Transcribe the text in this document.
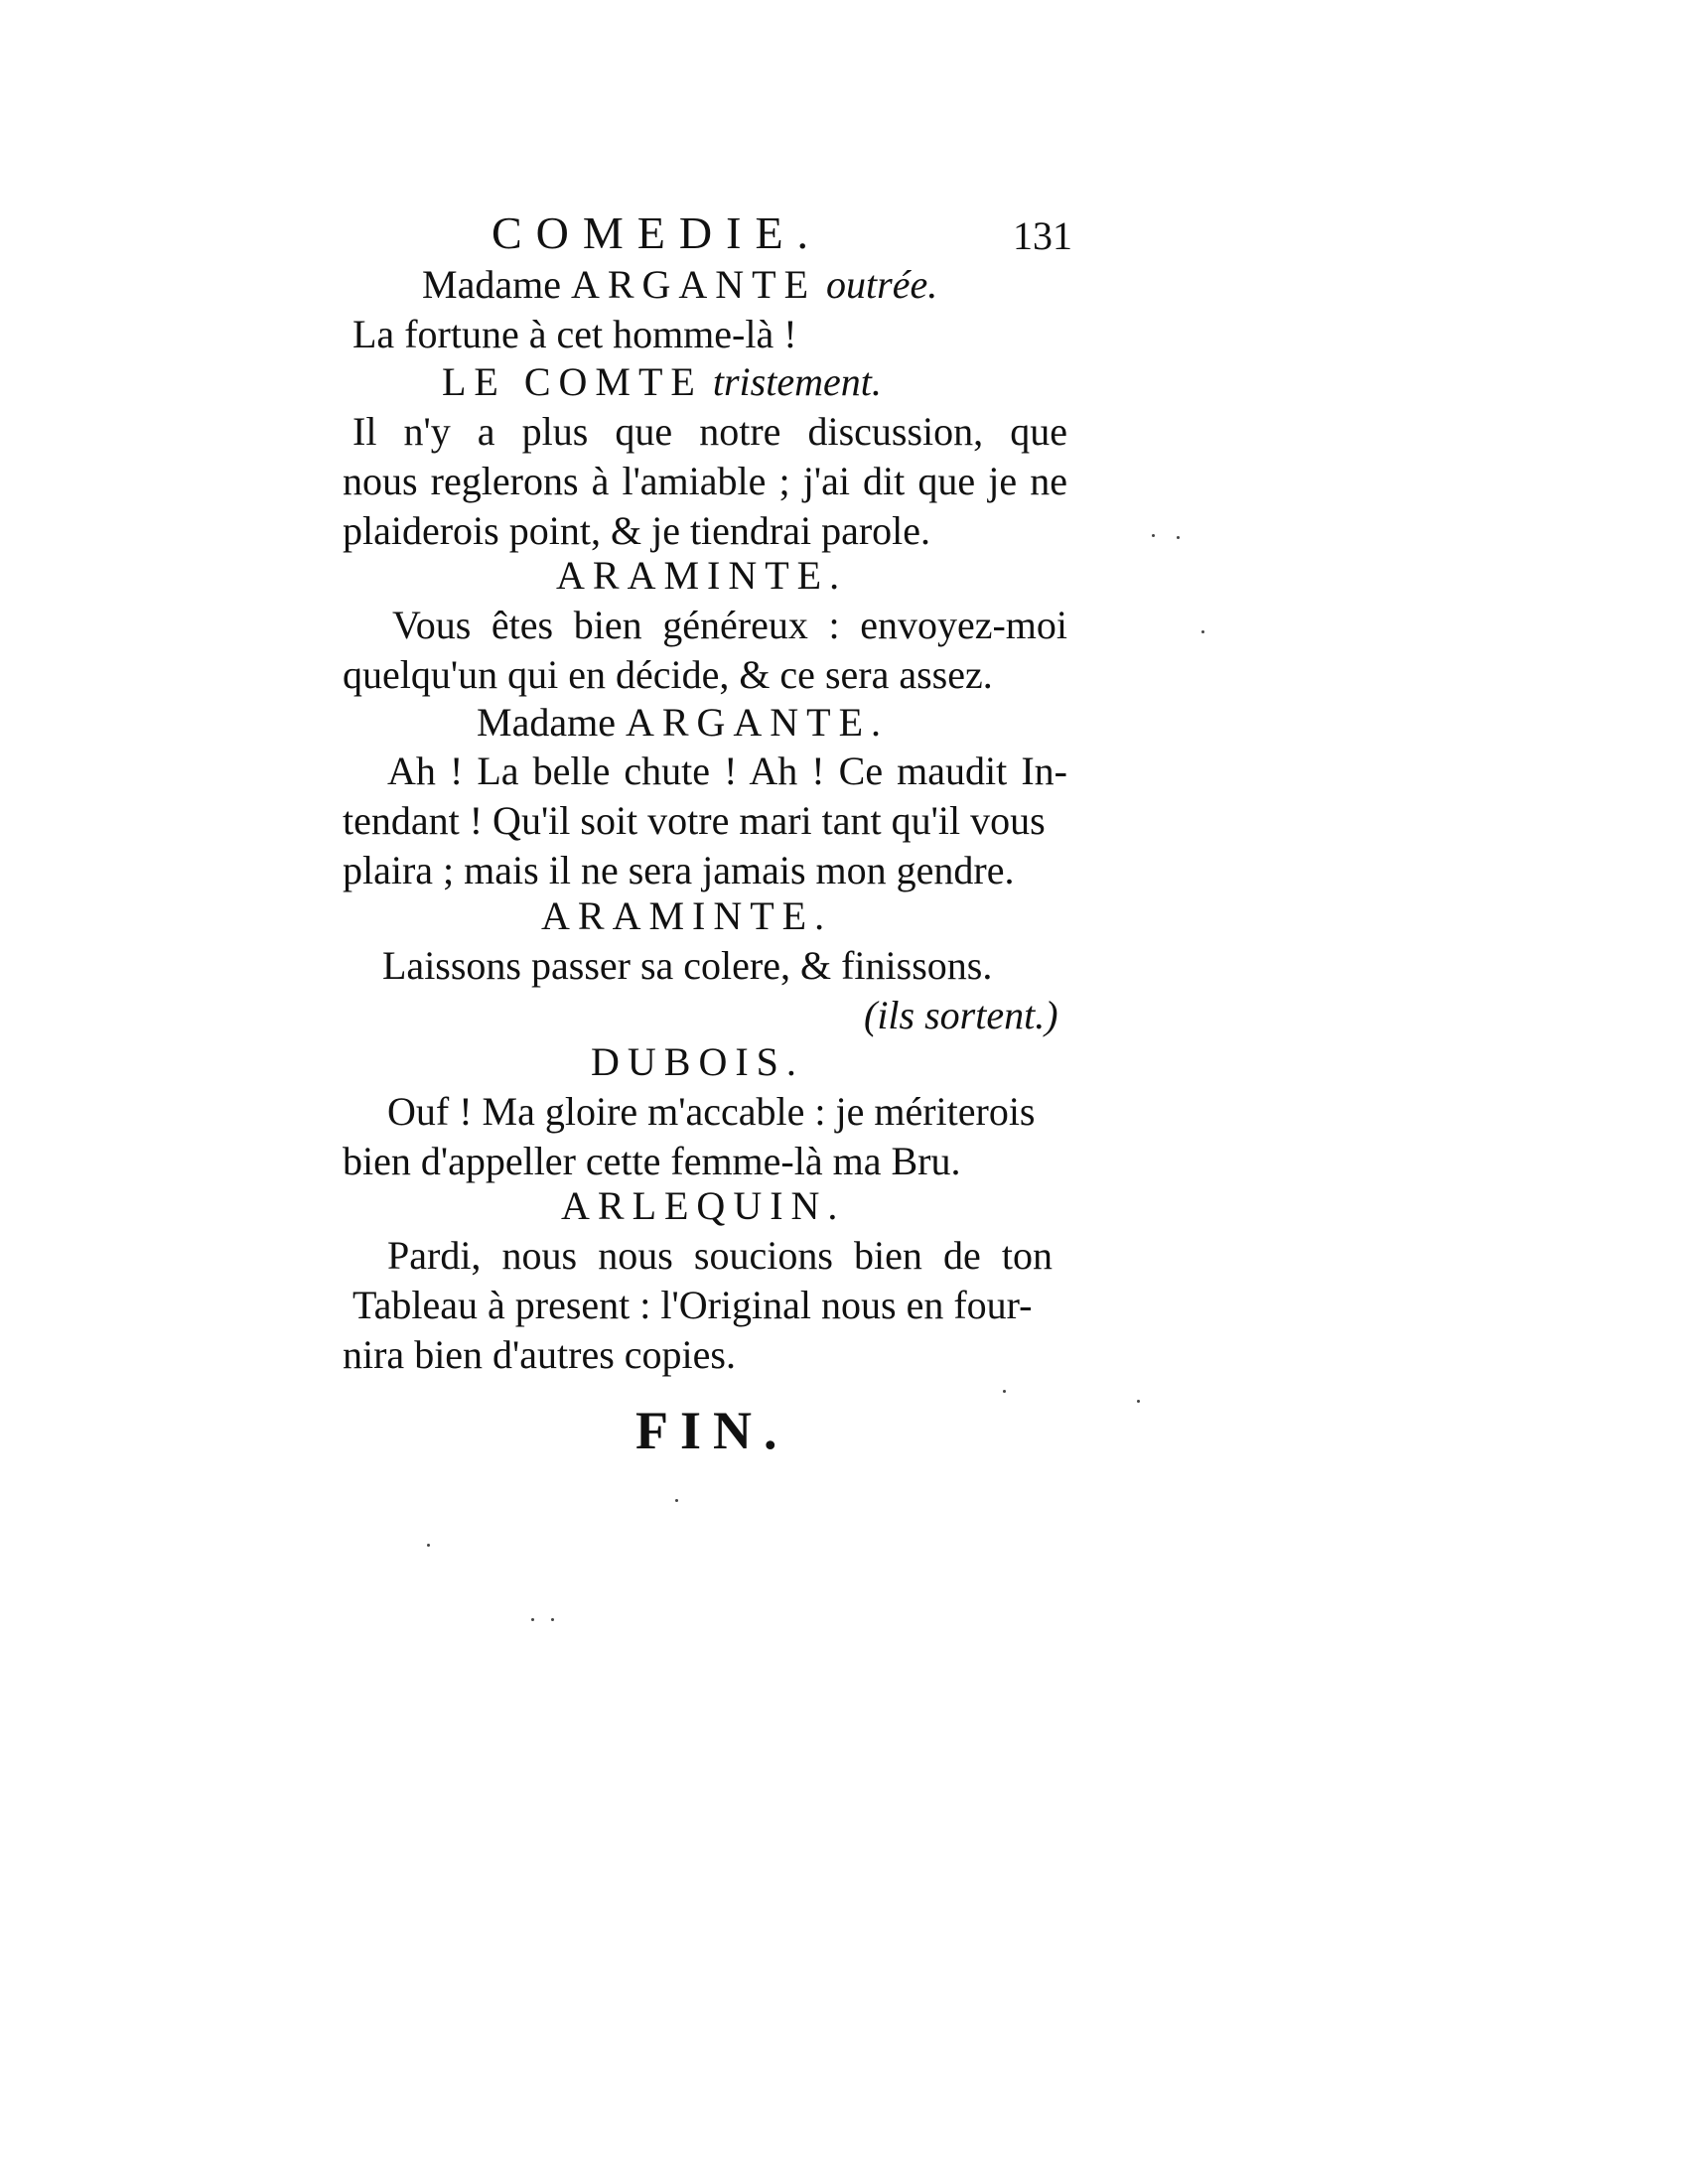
COMEDIE.	131
Madame ARGANTE outrée.
La fortune à cet homme-là !
LE COMTE tristement.
Il n'y a plus que notre discussion, que
nous reglerons à l'amiable ; j'ai dit que je ne
plaiderois point, & je tiendrai parole.
ARAMINTE.
Vous êtes bien généreux : envoyez-moi
quelqu'un qui en décide, & ce sera assez.
Madame ARGANTE.
Ah ! La belle chute ! Ah ! Ce maudit In-
tendant ! Qu'il soit votre mari tant qu'il vous
plaira ; mais il ne sera jamais mon gendre.
ARAMINTE.
Laissons passer sa colere, & finissons.
(ils sortent.)
DUBOIS.
Ouf ! Ma gloire m'accable : je mériterois
bien d'appeller cette femme-là ma Bru.
ARLEQUIN.
Pardi, nous nous soucions bien de ton
Tableau à present : l'Original nous en four-
nira bien d'autres copies.
FIN.
